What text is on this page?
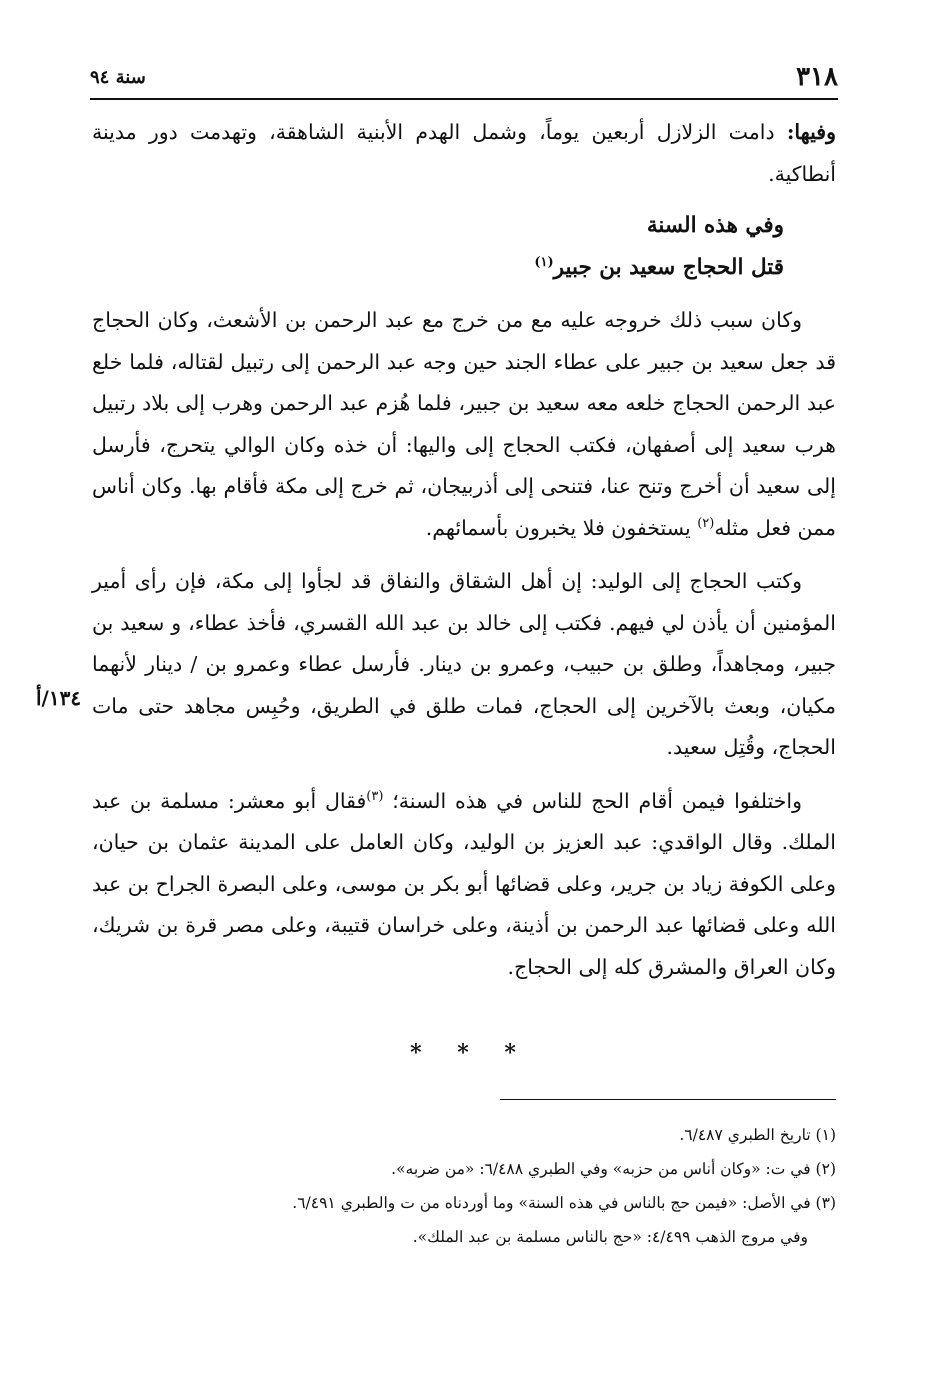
٣١٨
سنة ٩٤

وفيها: دامت الزلازل أربعين يوماً، وشمل الهدم الأبنية الشاهقة، وتهدمت دور مدينة أنطاكية.

وفي هذه السنة

قتل الحجاج سعيد بن جبير$^{(١)}$

وكان سبب ذلك خروجه عليه مع من خرج مع عبد الرحمن بن الأشعث، وكان الحجاج قد جعل سعيد بن جبير على عطاء الجند حين وجه عبد الرحمن إلى رتبيل لقتاله، فلما خلع عبد الرحمن الحجاج خلعه معه سعيد بن جبير، فلما هُزم عبد الرحمن وهرب إلى بلاد رتبيل هرب سعيد إلى أصفهان، فكتب الحجاج إلى واليها: أن خذه وكان الوالي يتحرج، فأرسل إلى سعيد أن أخرج وتنح عنا، فتنحى إلى أذربيجان، ثم خرج إلى مكة فأقام بها. وكان أناس ممن فعل مثله$^{(٢)}$ يستخفون فلا يخبرون بأسمائهم.

وكتب الحجاج إلى الوليد: إن أهل الشقاق والنفاق قد لجأوا إلى مكة، فإن رأى أمير المؤمنين أن يأذن لي فيهم. فكتب إلى خالد بن عبد الله القسري، فأخذ عطاء، و سعيد بن جبير، ومجاهداً، وطلق بن حبيب، وعمرو بن دينار. فأرسل عطاء وعمرو بن / دينار لأنهما مكيان، وبعث بالآخرين إلى الحجاج، فمات طلق في الطريق، وحُبِس مجاهد حتى مات الحجاج، وقُتِل سعيد.

واختلفوا فيمن أقام الحج للناس في هذه السنة؛ $^{(٣)}$فقال أبو معشر: مسلمة بن عبد الملك. وقال الواقدي: عبد العزيز بن الوليد، وكان العامل على المدينة عثمان بن حيان، وعلى الكوفة زياد بن جرير، وعلى قضائها أبو بكر بن موسى، وعلى البصرة الجراح بن عبد الله وعلى قضائها عبد الرحمن بن أذينة، وعلى خراسان قتيبة، وعلى مصر قرة بن شريك، وكان العراق والمشرق كله إلى الحجاج.

١٣٤/أ
* * *

(١) تاريخ الطبري ٦/٤٨٧.

(٢) في ت: «وكان أناس من حزبه» وفي الطبري ٦/٤٨٨: «من ضربه».

(٣) في الأصل: «فيمن حج بالناس في هذه السنة» وما أوردناه من ت والطبري ٦/٤٩١.

وفي مروج الذهب ٤/٤٩٩: «حج بالناس مسلمة بن عبد الملك».
